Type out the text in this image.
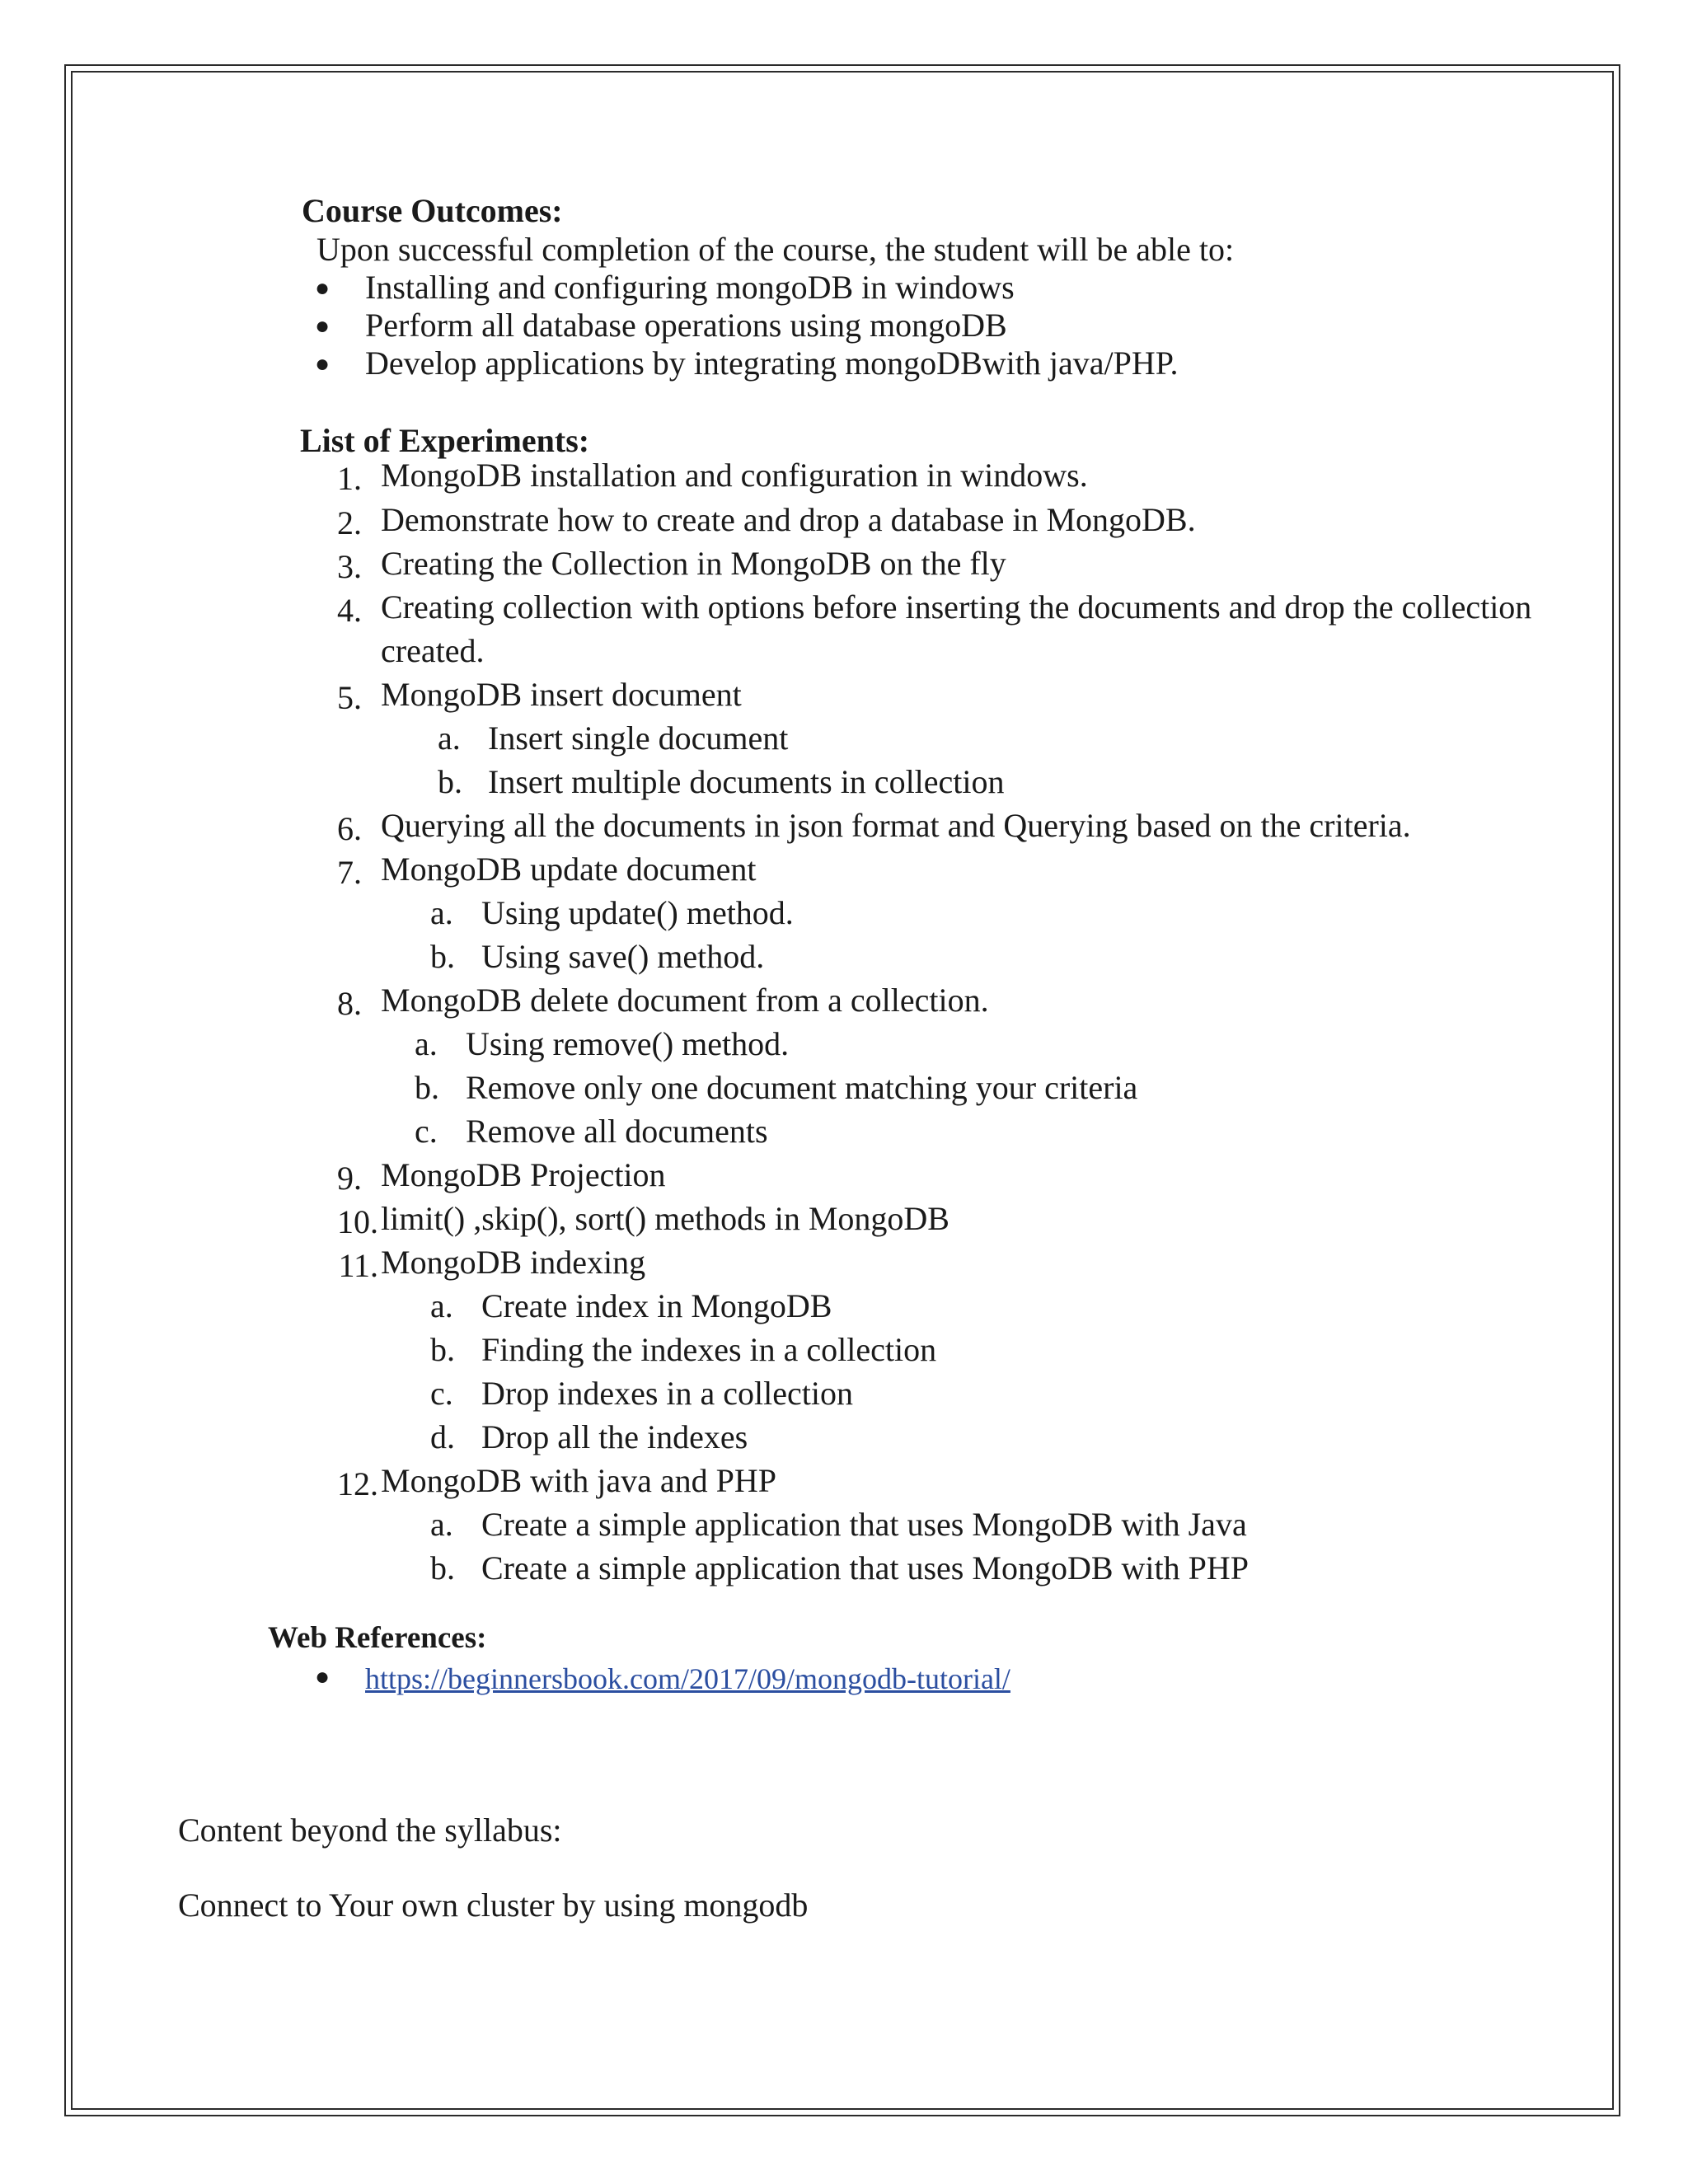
Course Outcomes:
Upon successful completion of the course, the student will be able to:
● Installing and configuring mongoDB in windows
● Perform all database operations using mongoDB
● Develop applications by integrating mongoDBwith java/PHP.
List of Experiments:
1. MongoDB installation and configuration in windows.
2. Demonstrate how to create and drop a database in MongoDB.
3. Creating the Collection in MongoDB on the fly
4. Creating collection with options before inserting the documents and drop the collection
created.
5. MongoDB insert document
a. Insert single document
b. Insert multiple documents in collection
6. Querying all the documents in json format and Querying based on the criteria.
7. MongoDB update document
a. Using update() method.
b. Using save() method.
8. MongoDB delete document from a collection.
a. Using remove() method.
b. Remove only one document matching your criteria
c. Remove all documents
9. MongoDB Projection
10. limit() ,skip(), sort() methods in MongoDB
11. MongoDB indexing
a. Create index in MongoDB
b. Finding the indexes in a collection
c. Drop indexes in a collection
d. Drop all the indexes
12. MongoDB with java and PHP
a. Create a simple application that uses MongoDB with Java
b. Create a simple application that uses MongoDB with PHP
Web References:
● https://beginnersbook.com/2017/09/mongodb-tutorial/
Content beyond the syllabus:
Connect to Your own cluster by using mongodb
